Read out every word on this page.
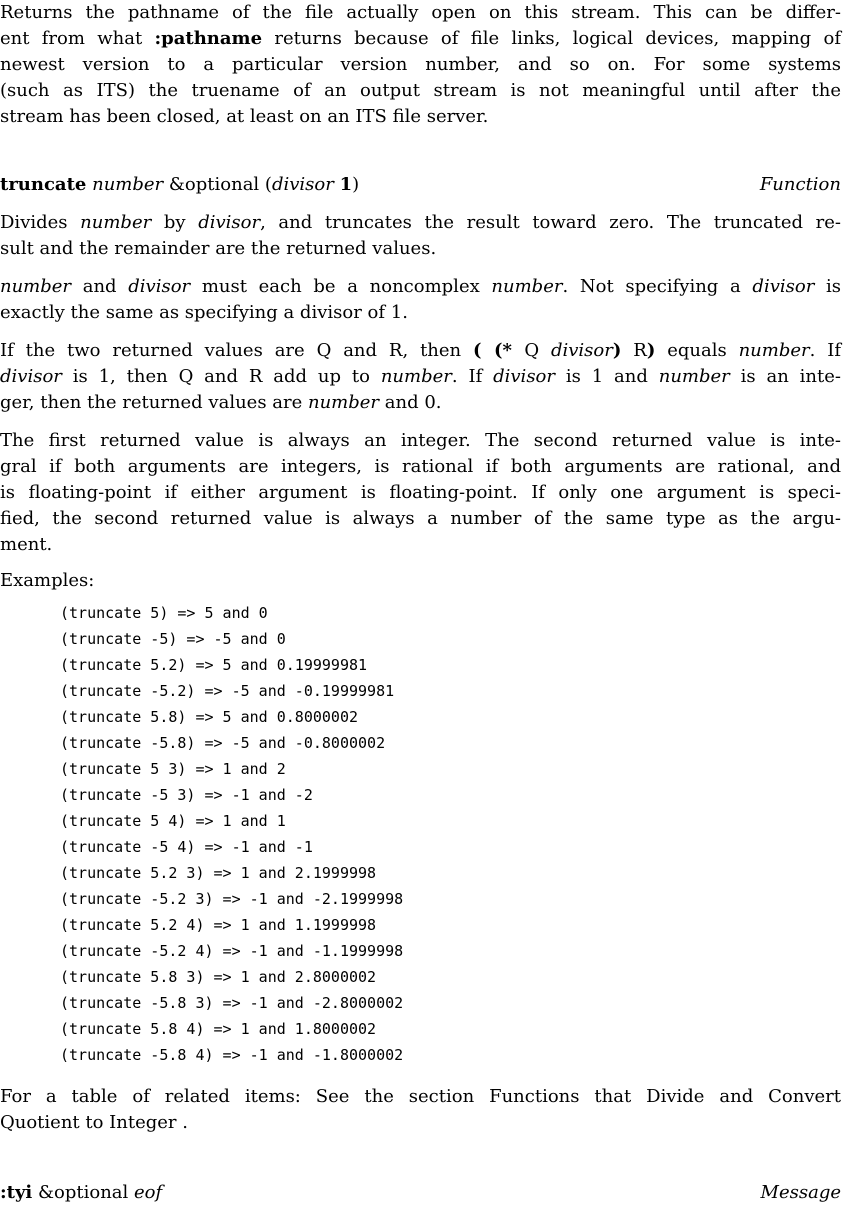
Returns the pathname of the file actually open on this stream. This can be differ-
ent from what :pathname returns because of file links, logical devices, mapping of
newest version to a particular version number, and so on. For some systems
(such as ITS) the truename of an output stream is not meaningful until after the
stream has been closed, at least on an ITS file server.
truncate number &optional (divisor 1)	Function
Divides number by divisor, and truncates the result toward zero. The truncated re-
sult and the remainder are the returned values.
number and divisor must each be a noncomplex number. Not specifying a divisor is
exactly the same as specifying a divisor of 1.
If the two returned values are Q and R, then ( (* Q divisor) R) equals number. If
divisor is 1, then Q and R add up to number. If divisor is 1 and number is an inte-
ger, then the returned values are number and 0.
The first returned value is always an integer. The second returned value is inte-
gral if both arguments are integers, is rational if both arguments are rational, and
is floating-point if either argument is floating-point. If only one argument is speci-
fied, the second returned value is always a number of the same type as the argu-
ment.
Examples:
(truncate 5) => 5 and 0
(truncate -5) => -5 and 0
(truncate 5.2) => 5 and 0.19999981
(truncate -5.2) => -5 and -0.19999981
(truncate 5.8) => 5 and 0.8000002
(truncate -5.8) => -5 and -0.8000002
(truncate 5 3) => 1 and 2
(truncate -5 3) => -1 and -2
(truncate 5 4) => 1 and 1
(truncate -5 4) => -1 and -1
(truncate 5.2 3) => 1 and 2.1999998
(truncate -5.2 3) => -1 and -2.1999998
(truncate 5.2 4) => 1 and 1.1999998
(truncate -5.2 4) => -1 and -1.1999998
(truncate 5.8 3) => 1 and 2.8000002
(truncate -5.8 3) => -1 and -2.8000002
(truncate 5.8 4) => 1 and 1.8000002
(truncate -5.8 4) => -1 and -1.8000002
For a table of related items: See the section Functions that Divide and Convert
Quotient to Integer .
:tyi &optional eof	Message
